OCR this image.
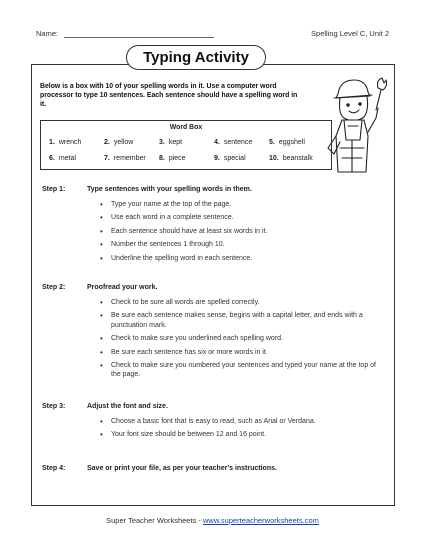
Name:	Spelling Level C, Unit 2
Typing Activity
Below is a box with 10 of your spelling words in it. Use a computer word processor to type 10 sentences. Each sentence should have a spelling word in it.
Word Box
1. wrench	2. yellow	3. kept	4. sentence	5. eggshell
6. metal	7. remember	8. piece	9. special	10. beanstalk
Step 1:	Type sentences with your spelling words in them.
• Type your name at the top of the page.
• Use each word in a complete sentence.
• Each sentence should have at least six words in it.
• Number the sentences 1 through 10.
• Underline the spelling word in each sentence.
Step 2:	Proofread your work.
• Check to be sure all words are spelled correctly.
• Be sure each sentence makes sense, begins with a capital letter, and ends with a punctuation mark.
• Check to make sure you underlined each spelling word.
• Be sure each sentence has six or more words in it.
• Check to make sure you numbered your sentences and typed your name at the top of the page.
Step 3:	Adjust the font and size.
• Choose a basic font that is easy to read, such as Arial or Verdana.
• Your font size should be between 12 and 16 point.
Step 4:	Save or print your file, as per your teacher's instructions.
Super Teacher Worksheets - www.superteacherworksheets.com
